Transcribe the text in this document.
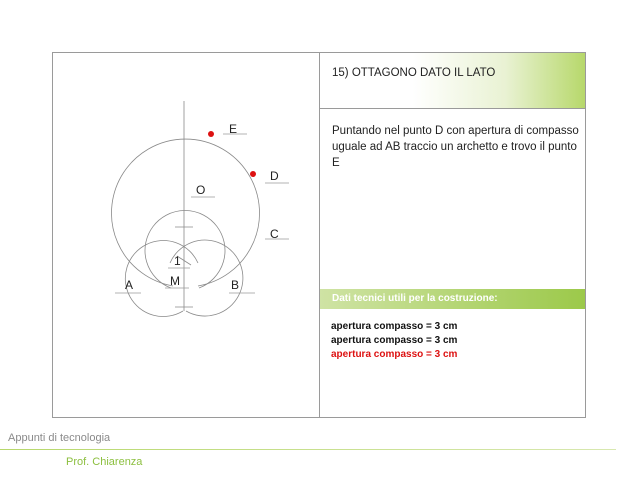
A	B
M
1
O
C
D
E
15) OTTAGONO DATO IL LATO
Puntando nel punto D con apertura di compasso uguale ad AB traccio un archetto e trovo il punto E
Dati tecnici utili per la costruzione:
apertura compasso = 3 cm
apertura compasso = 3 cm
apertura compasso = 3 cm
Appunti di tecnologia
Prof. Chiarenza
